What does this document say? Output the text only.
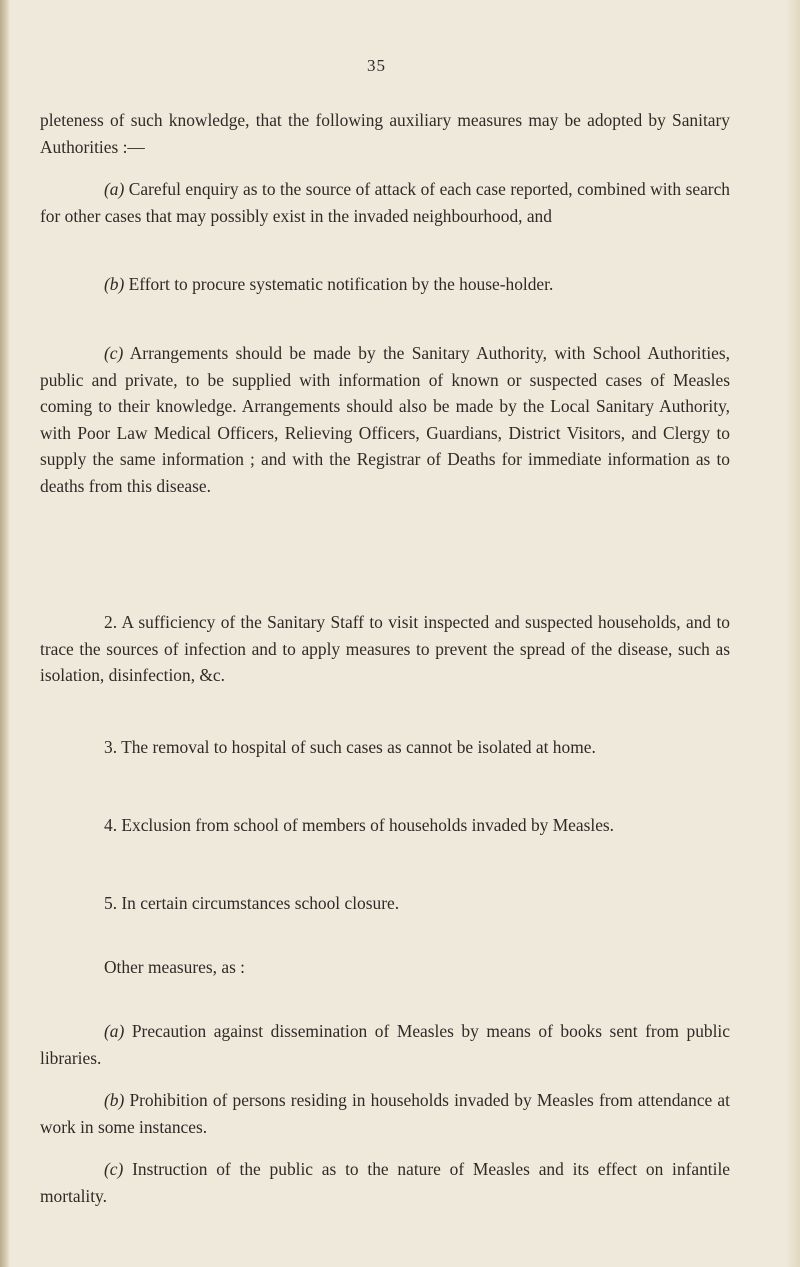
35

pleteness of such knowledge, that the following auxiliary measures may be adopted by Sanitary Authorities :—

(a) Careful enquiry as to the source of attack of each case reported, combined with search for other cases that may possibly exist in the invaded neighbourhood, and

(b) Effort to procure systematic notification by the house-holder.

(c) Arrangements should be made by the Sanitary Authority, with School Authorities, public and private, to be supplied with information of known or suspected cases of Measles coming to their knowledge. Arrangements should also be made by the Local Sanitary Authority, with Poor Law Medical Officers, Relieving Officers, Guardians, District Visitors, and Clergy to supply the same information ; and with the Registrar of Deaths for immediate information as to deaths from this disease.

2. A sufficiency of the Sanitary Staff to visit inspected and suspected households, and to trace the sources of infection and to apply measures to prevent the spread of the disease, such as isolation, disinfection, &c.

3. The removal to hospital of such cases as cannot be isolated at home.

4. Exclusion from school of members of households invaded by Measles.

5. In certain circumstances school closure.

Other measures, as :

(a) Precaution against dissemination of Measles by means of books sent from public libraries.

(b) Prohibition of persons residing in households invaded by Measles from attendance at work in some instances.

(c) Instruction of the public as to the nature of Measles and its effect on infantile mortality.
